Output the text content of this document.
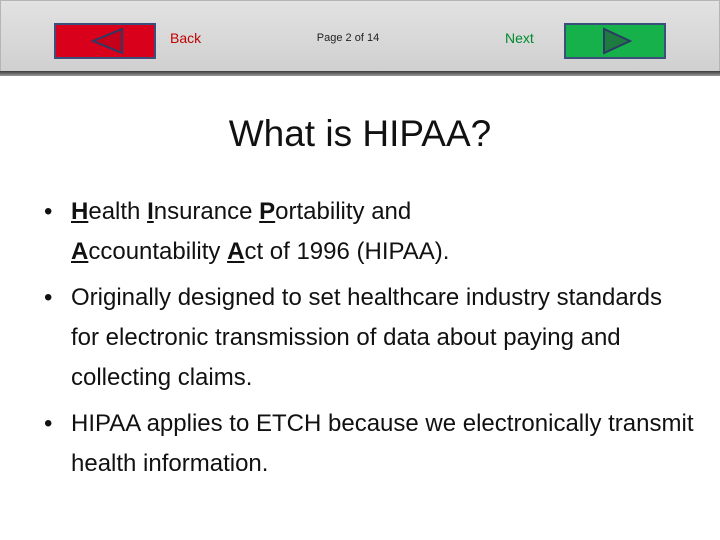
Back	Page 2 of 14	Next
What is HIPAA?
• Health Insurance Portability and
Accountability Act of 1996 (HIPAA).
• Originally designed to set healthcare industry standards for electronic transmission of data about paying and collecting claims.
• HIPAA applies to ETCH because we electronically transmit health information.
